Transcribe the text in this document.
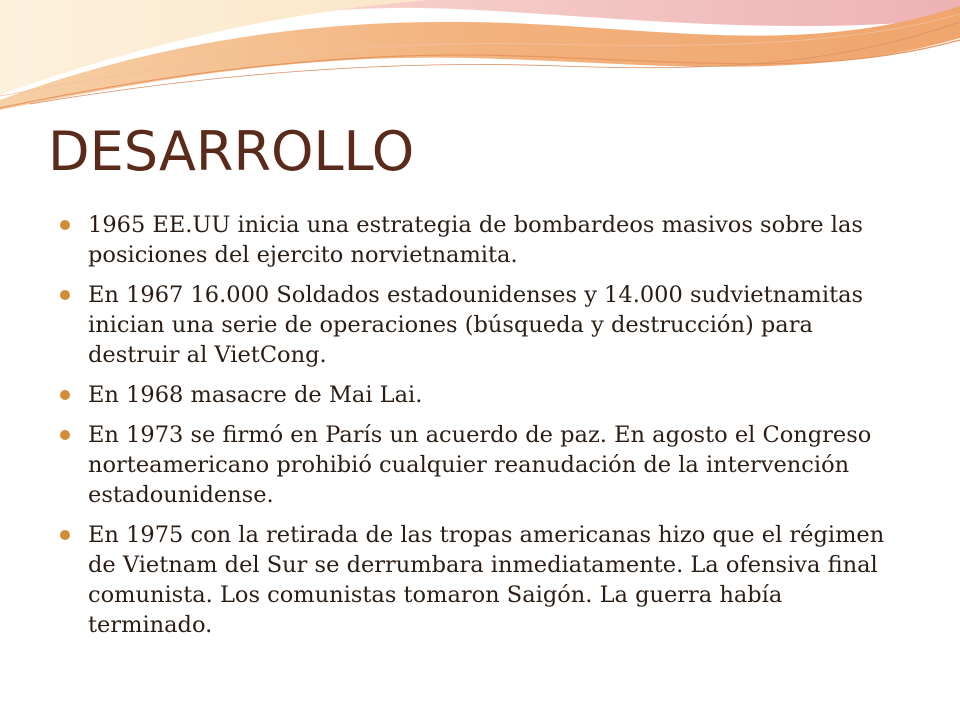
DESARROLLO
1965 EE.UU inicia una estrategia de bombardeos masivos sobre las posiciones del ejercito norvietnamita.
En 1967 16.000 Soldados estadounidenses y 14.000 sudvietnamitas inician una serie de operaciones (búsqueda y destrucción) para destruir al VietCong.
En 1968 masacre de Mai Lai.
En 1973 se firmó en París un acuerdo de paz. En agosto el Congreso norteamericano prohibió cualquier reanudación de la intervención estadounidense.
En 1975 con la retirada de las tropas americanas hizo que el régimen de Vietnam del Sur se derrumbara inmediatamente. La ofensiva final comunista. Los comunistas tomaron Saigón. La guerra había terminado.
